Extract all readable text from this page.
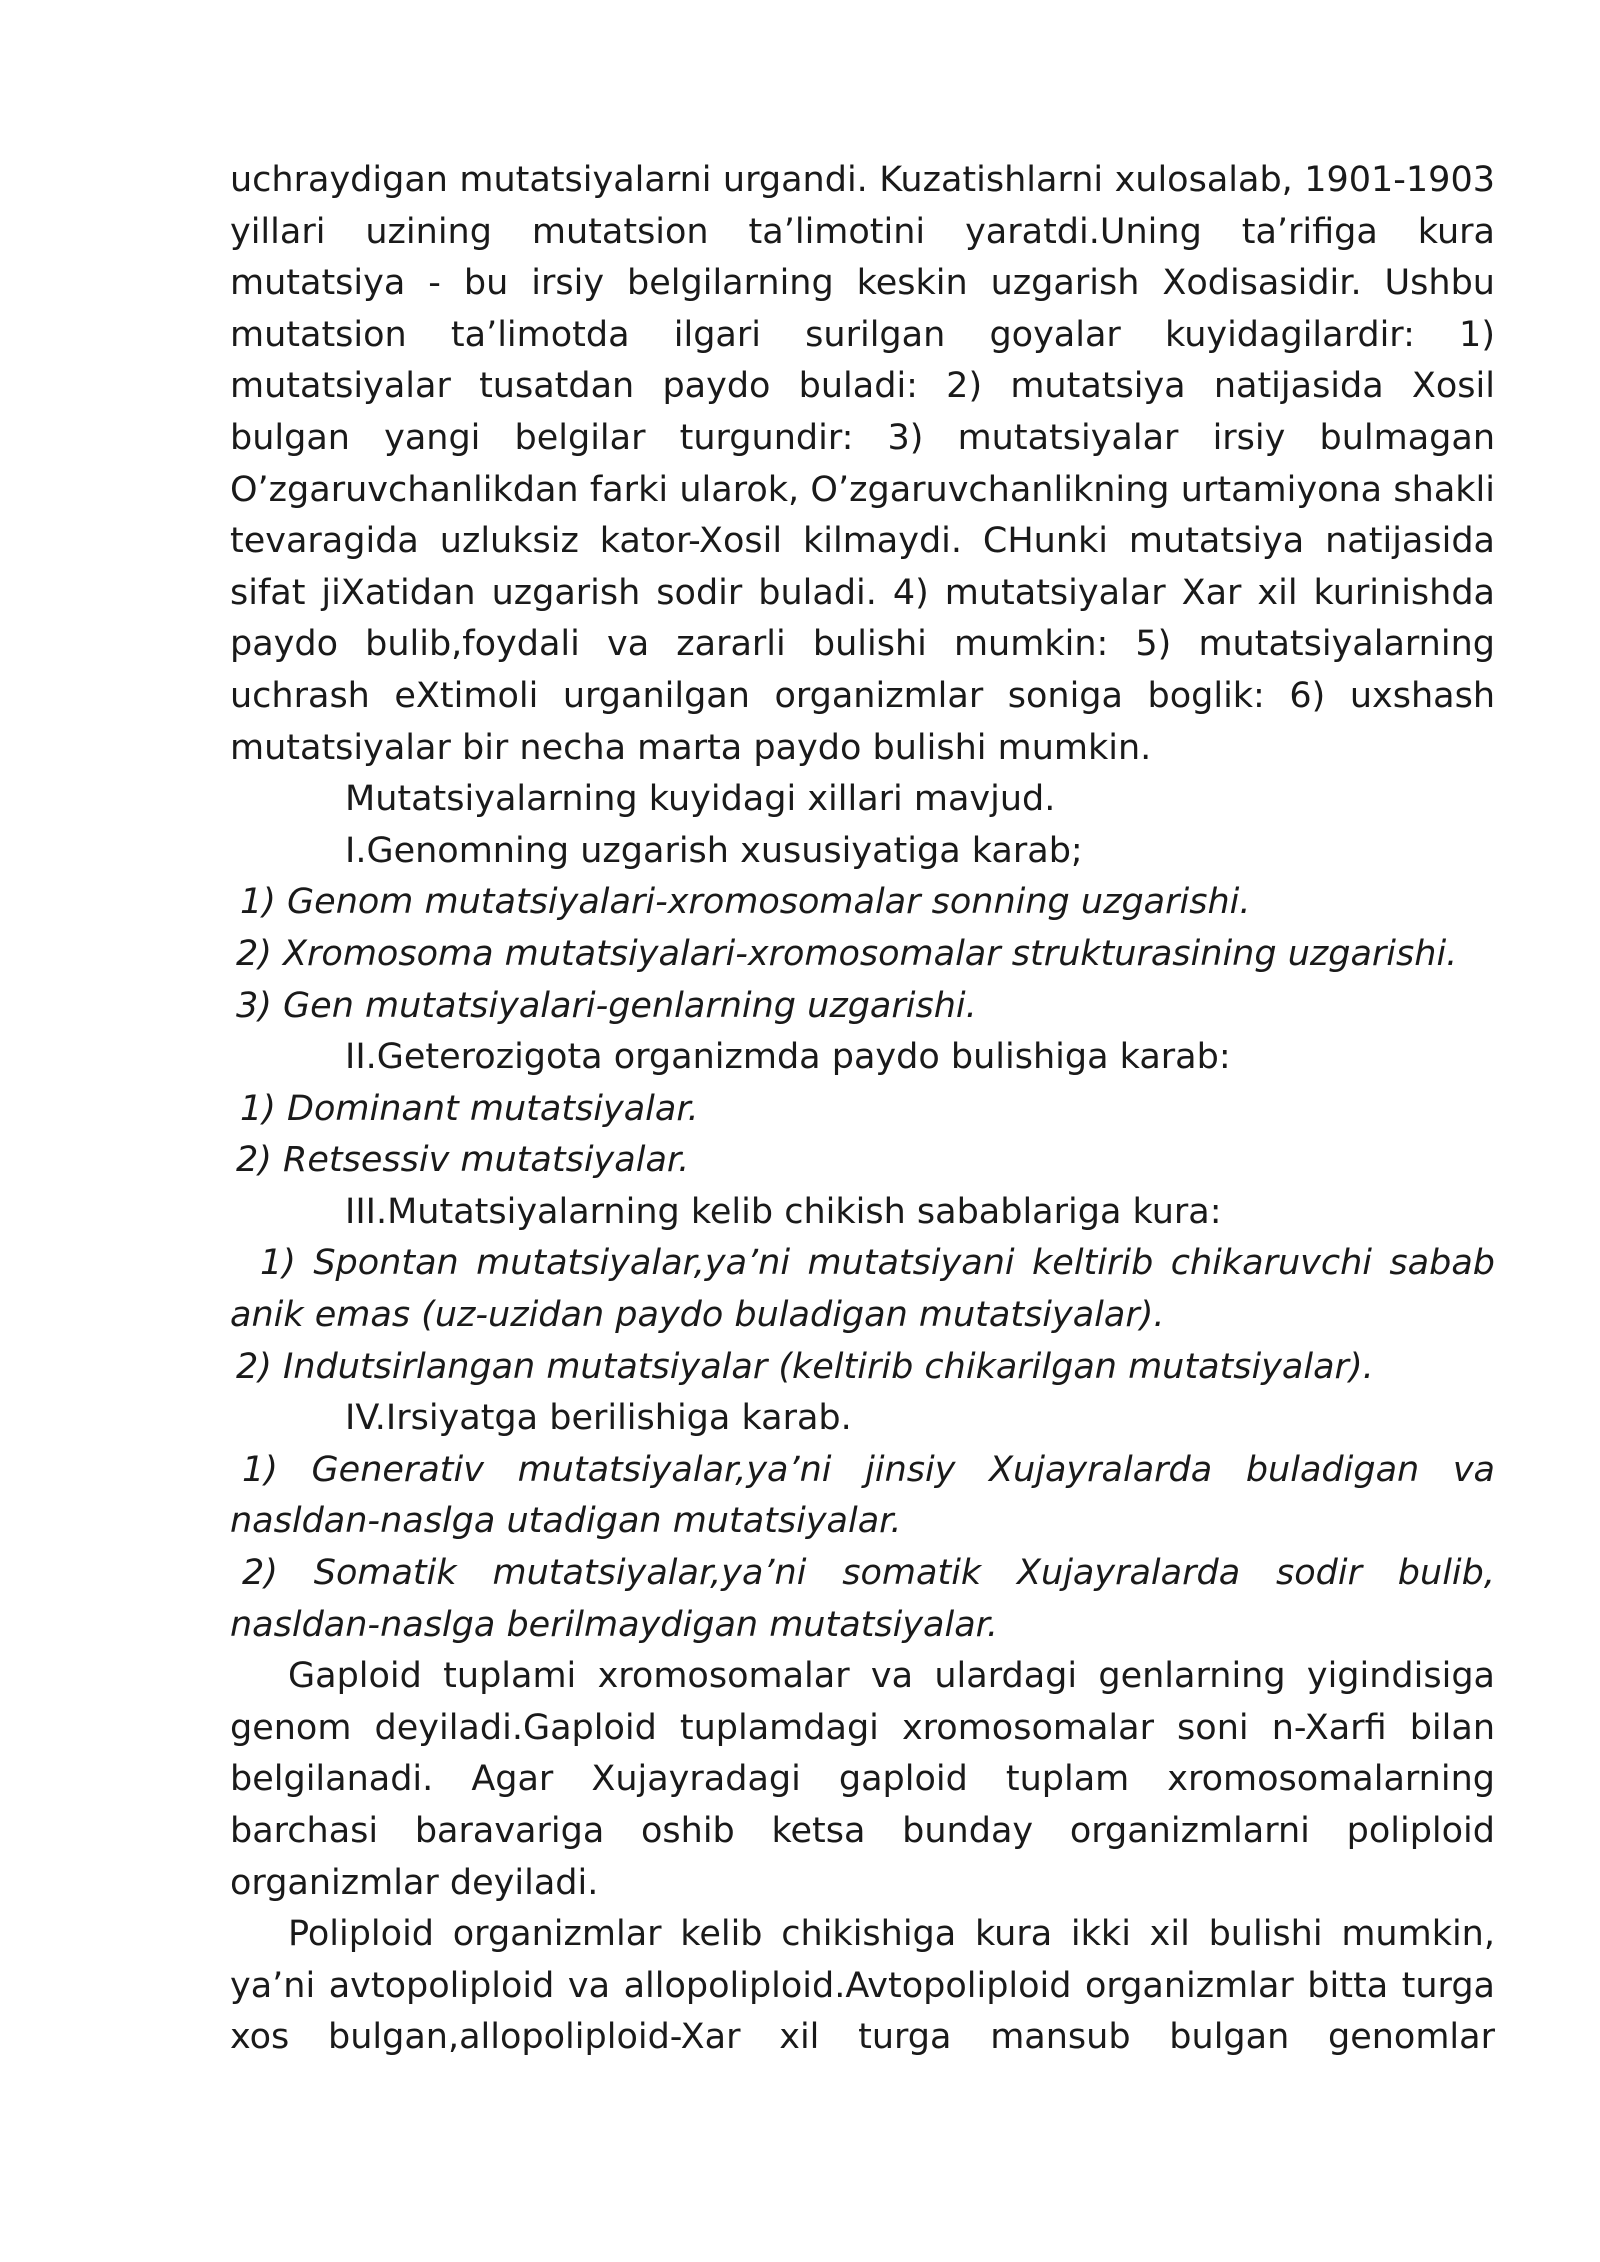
uchraydigan mutatsiyalarni urgandi. Kuzatishlarni xulosalab, 1901-1903 yillari uzining mutatsion ta’limotini yaratdi.Uning ta’rifiga kura mutatsiya - bu irsiy belgilarning keskin uzgarish Xodisasidir. Ushbu mutatsion ta’limotda ilgari surilgan goyalar kuyidagilardir: 1) mutatsiyalar tusatdan paydo buladi: 2) mutatsiya natijasida Xosil bulgan yangi belgilar turgundir: 3) mutatsiyalar irsiy bulmagan O’zgaruvchanlikdan farki ularok, O’zgaruvchanlikning urtamiyona shakli tevaragida uzluksiz kator-Xosil kilmaydi. CHunki mutatsiya natijasida sifat jiXatidan uzgarish sodir buladi. 4) mutatsiyalar Xar xil kurinishda paydo bulib,foydali va zararli bulishi mumkin: 5) mutatsiyalarning uchrash eXtimoli urganilgan organizmlar soniga boglik: 6) uxshash mutatsiyalar bir necha marta paydo bulishi mumkin.

Mutatsiyalarning kuyidagi xillari mavjud.

I.Genomning uzgarish xususiyatiga karab;

1) Genom mutatsiyalari-xromosomalar sonning uzgarishi.

2) Xromosoma mutatsiyalari-xromosomalar strukturasining uzgarishi.

3) Gen mutatsiyalari-genlarning uzgarishi.

II.Geterozigota organizmda paydo bulishiga karab:

1) Dominant mutatsiyalar.

2) Retsessiv mutatsiyalar.

III.Mutatsiyalarning kelib chikish sabablariga kura:

1) Spontan mutatsiyalar,ya’ni mutatsiyani keltirib chikaruvchi sabab anik emas (uz-uzidan paydo buladigan mutatsiyalar).

2) Indutsirlangan mutatsiyalar (keltirib chikarilgan mutatsiyalar).

IV.Irsiyatga berilishiga karab.

1) Generativ mutatsiyalar,ya’ni jinsiy Xujayralarda buladigan va nasldan-naslga utadigan mutatsiyalar.

2) Somatik mutatsiyalar,ya’ni somatik Xujayralarda sodir bulib, nasldan-naslga berilmaydigan mutatsiyalar.

Gaploid tuplami xromosomalar va ulardagi genlarning yigindisiga genom deyiladi.Gaploid tuplamdagi xromosomalar soni n-Xarfi bilan belgilanadi. Agar Xujayradagi gaploid tuplam xromosomalarning barchasi baravariga oshib ketsa bunday organizmlarni poliploid organizmlar deyiladi.

Poliploid organizmlar kelib chikishiga kura ikki xil bulishi mumkin, ya’ni avtopoliploid va allopoliploid.Avtopoliploid organizmlar bitta turga xos bulgan,allopoliploid-Xar xil turga mansub bulgan genomlar
